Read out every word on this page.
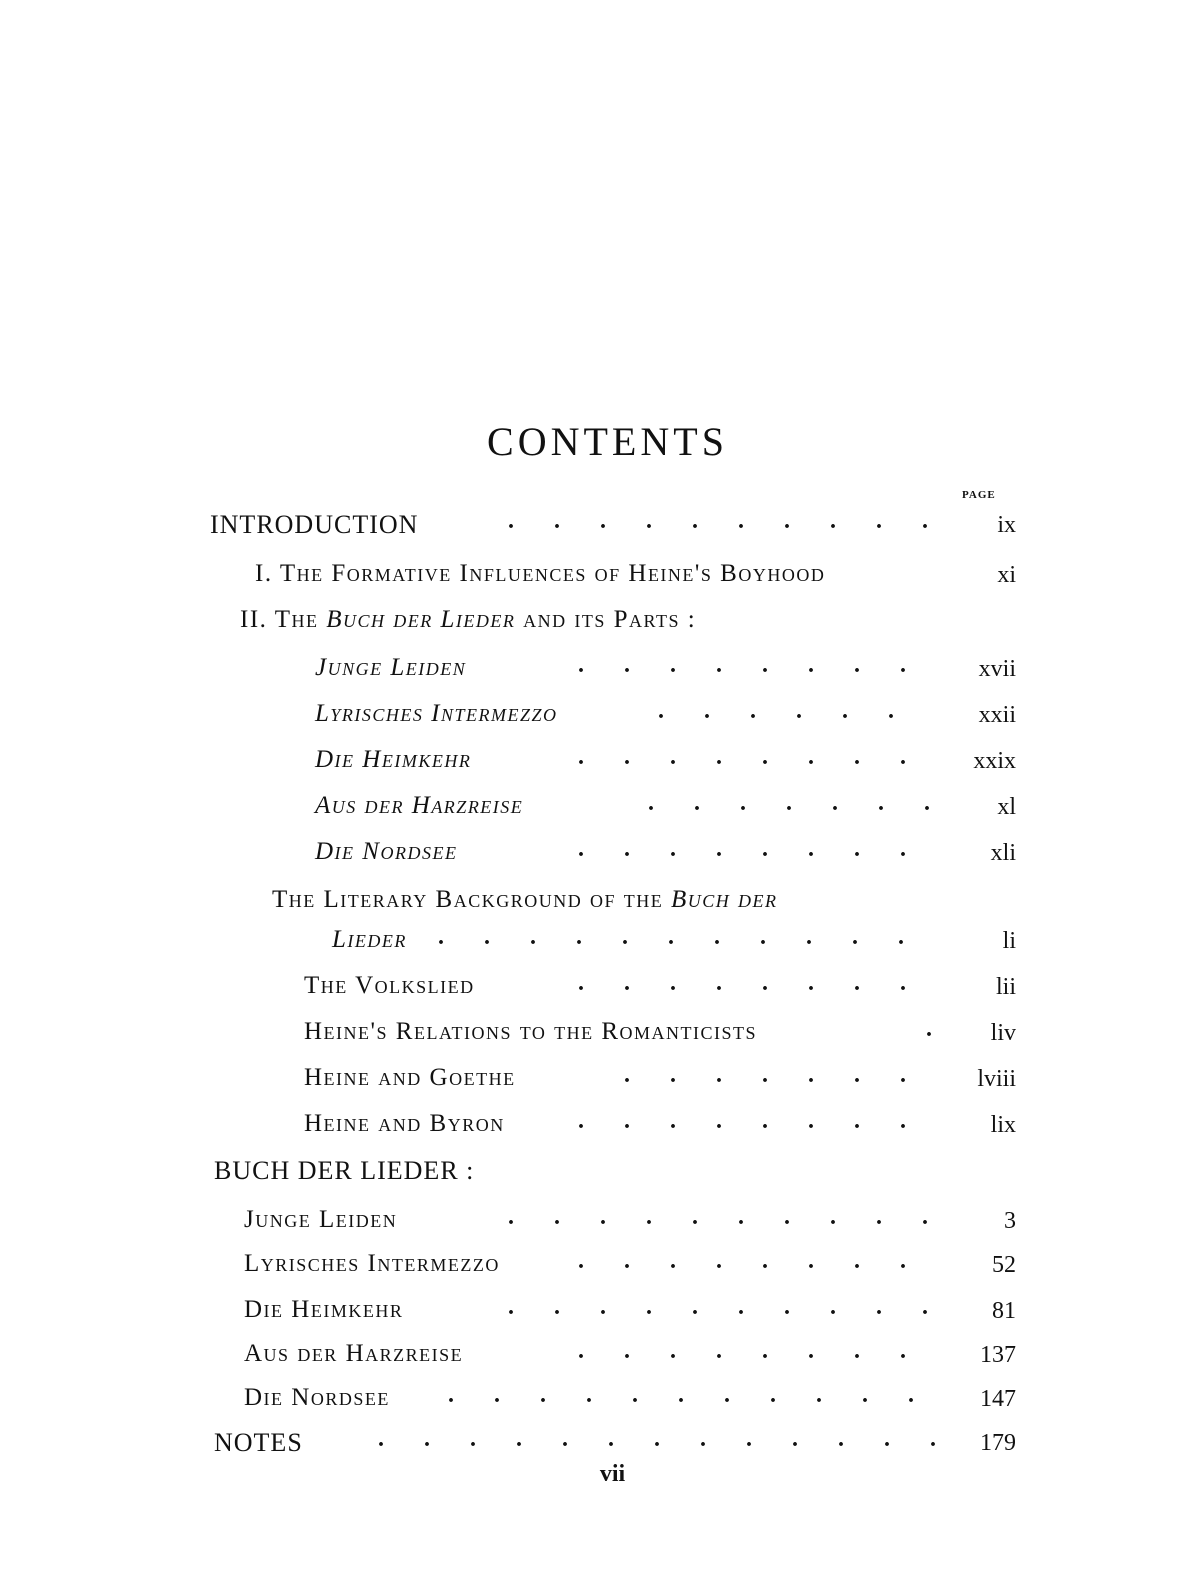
CONTENTS
PAGE
INTRODUCTION	. . . . . . . . . .	ix
I. The Formative Influences of Heine's Boyhood	xi
II. The Buch der Lieder and its Parts :
Junge Leiden	. . . . . . . .	xvii
Lyrisches Intermezzo	. . . . . .	xxii
Die Heimkehr	. . . . . . . .	xxix
Aus der Harzreise	. . . . . . .	xl
Die Nordsee	. . . . . . . .	xli
The Literary Background of the Buch der
Lieder	. . . . . . . . . . .	li
The Volkslied	. . . . . . . .	lii
Heine's Relations to the Romanticists	.	liv
Heine and Goethe	. . . . . . .	lviii
Heine and Byron	. . . . . . . .	lix
BUCH DER LIEDER :
Junge Leiden	. . . . . . . . . .	3
Lyrisches Intermezzo	. . . . . . . .	52
Die Heimkehr	. . . . . . . . . .	81
Aus der Harzreise	. . . . . . . .	137
Die Nordsee	. . . . . . . . . . .	147
NOTES	. . . . . . . . . . . . .	179
vii
